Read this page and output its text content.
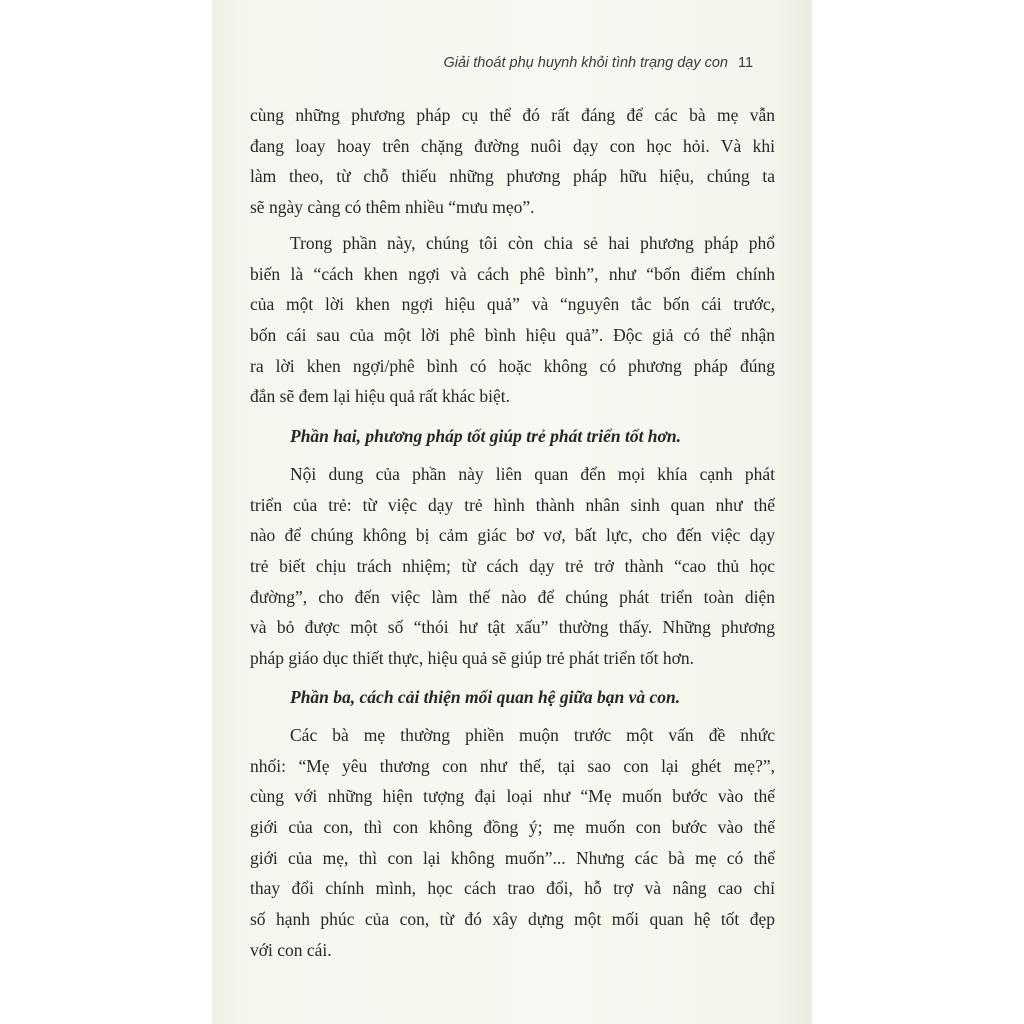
Giải thoát phụ huynh khỏi tình trạng dạy con 11
cùng những phương pháp cụ thể đó rất đáng để các bà mẹ vẫn
đang loay hoay trên chặng đường nuôi dạy con học hỏi. Và khi
làm theo, từ chỗ thiếu những phương pháp hữu hiệu, chúng ta
sẽ ngày càng có thêm nhiều “mưu mẹo”.
Trong phần này, chúng tôi còn chia sẻ hai phương pháp phổ
biến là “cách khen ngợi và cách phê bình”, như “bốn điểm chính
của một lời khen ngợi hiệu quả” và “nguyên tắc bốn cái trước,
bốn cái sau của một lời phê bình hiệu quả”. Độc giả có thể nhận
ra lời khen ngợi/phê bình có hoặc không có phương pháp đúng
đắn sẽ đem lại hiệu quả rất khác biệt.
Phần hai, phương pháp tốt giúp trẻ phát triển tốt hơn.
Nội dung của phần này liên quan đến mọi khía cạnh phát
triển của trẻ: từ việc dạy trẻ hình thành nhân sinh quan như thế
nào để chúng không bị cảm giác bơ vơ, bất lực, cho đến việc dạy
trẻ biết chịu trách nhiệm; từ cách dạy trẻ trở thành “cao thủ học
đường”, cho đến việc làm thế nào để chúng phát triển toàn diện
và bỏ được một số “thói hư tật xấu” thường thấy. Những phương
pháp giáo dục thiết thực, hiệu quả sẽ giúp trẻ phát triển tốt hơn.
Phần ba, cách cải thiện mối quan hệ giữa bạn và con.
Các bà mẹ thường phiền muộn trước một vấn đề nhức
nhối: “Mẹ yêu thương con như thế, tại sao con lại ghét mẹ?”,
cùng với những hiện tượng đại loại như “Mẹ muốn bước vào thế
giới của con, thì con không đồng ý; mẹ muốn con bước vào thế
giới của mẹ, thì con lại không muốn”... Nhưng các bà mẹ có thể
thay đổi chính mình, học cách trao đổi, hỗ trợ và nâng cao chỉ
số hạnh phúc của con, từ đó xây dựng một mối quan hệ tốt đẹp
với con cái.
